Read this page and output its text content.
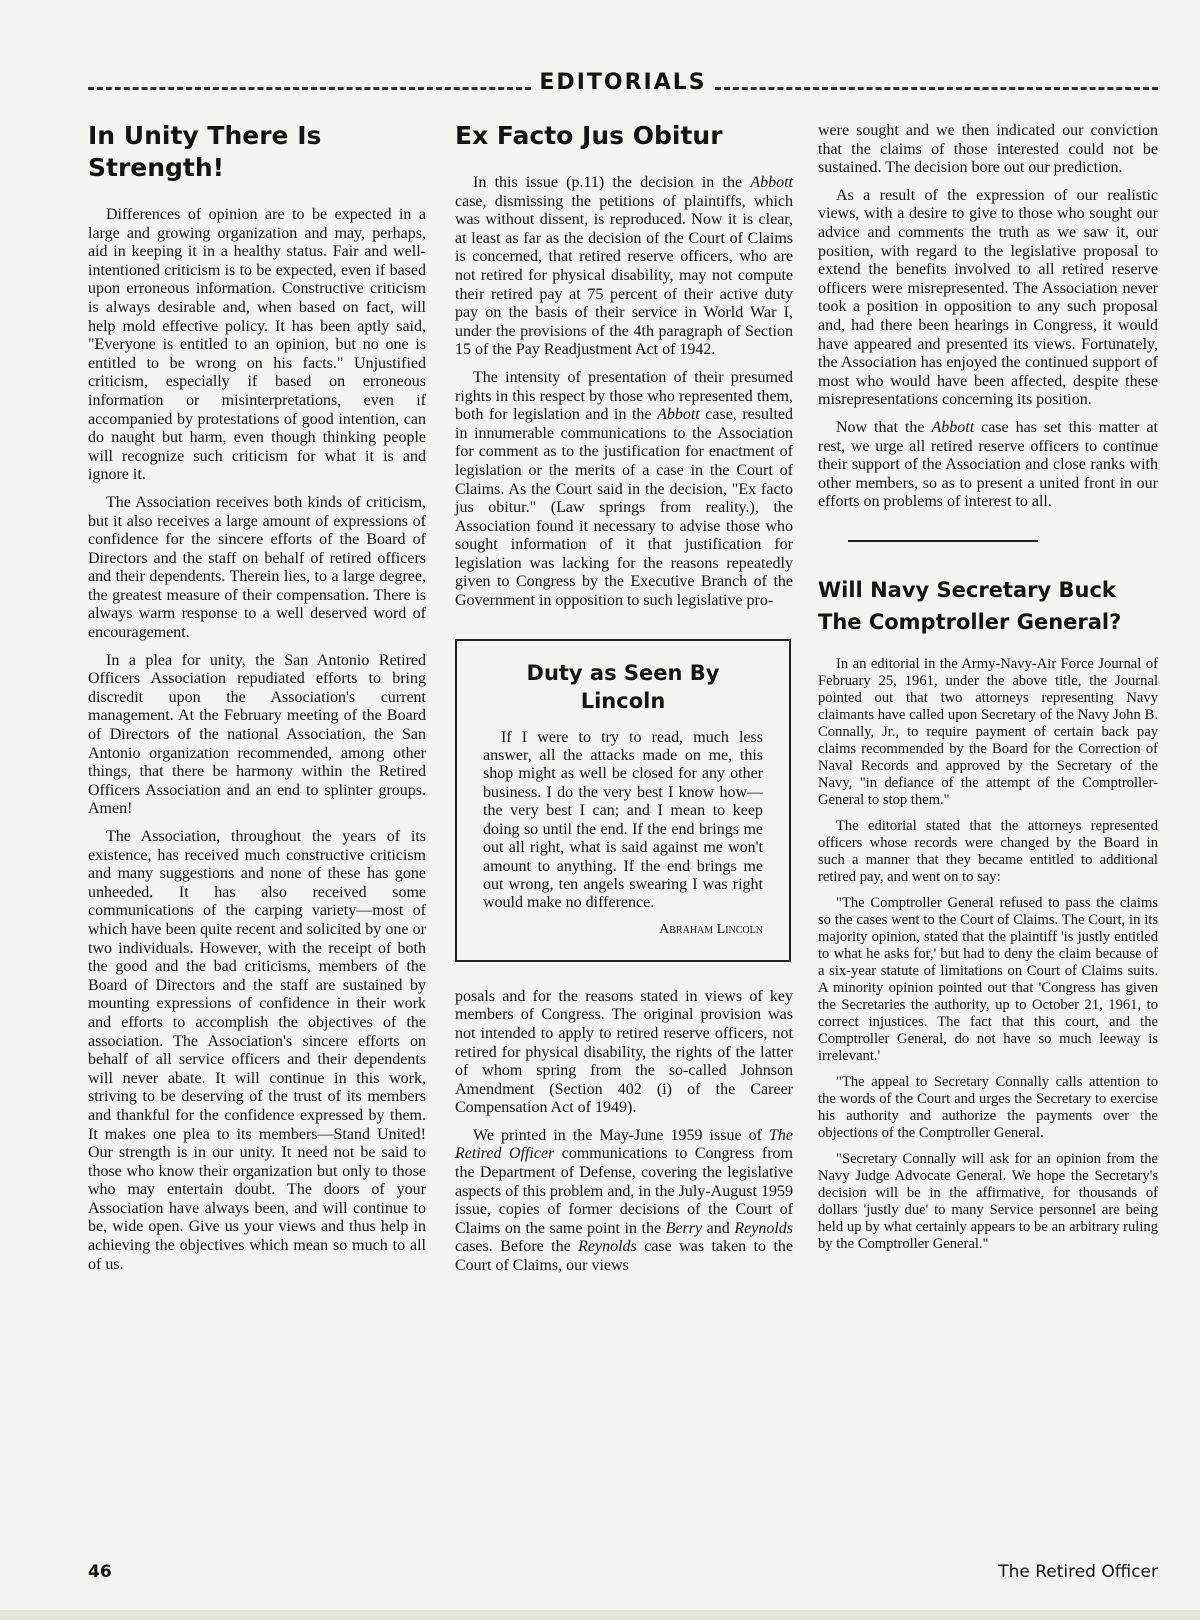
EDITORIALS
In Unity There Is Strength!

Differences of opinion are to be expected in a large and growing organization and may, perhaps, aid in keeping it in a healthy status. Fair and well-intentioned criticism is to be expected, even if based upon erroneous information. Constructive criticism is always desirable and, when based on fact, will help mold effective policy. It has been aptly said, "Everyone is entitled to an opinion, but no one is entitled to be wrong on his facts." Unjustified criticism, especially if based on erroneous information or misinterpretations, even if accompanied by protestations of good intention, can do naught but harm, even though thinking people will recognize such criticism for what it is and ignore it.

The Association receives both kinds of criticism, but it also receives a large amount of expressions of confidence for the sincere efforts of the Board of Directors and the staff on behalf of retired officers and their dependents. Therein lies, to a large degree, the greatest measure of their compensation. There is always warm response to a well deserved word of encouragement.

In a plea for unity, the San Antonio Retired Officers Association repudiated efforts to bring discredit upon the Association's current management. At the February meeting of the Board of Directors of the national Association, the San Antonio organization recommended, among other things, that there be harmony within the Retired Officers Association and an end to splinter groups. Amen!

The Association, throughout the years of its existence, has received much constructive criticism and many suggestions and none of these has gone unheeded. It has also received some communications of the carping variety—most of which have been quite recent and solicited by one or two individuals. However, with the receipt of both the good and the bad criticisms, members of the Board of Directors and the staff are sustained by mounting expressions of confidence in their work and efforts to accomplish the objectives of the association. The Association's sincere efforts on behalf of all service officers and their dependents will never abate. It will continue in this work, striving to be deserving of the trust of its members and thankful for the confidence expressed by them. It makes one plea to its members—Stand United! Our strength is in our unity. It need not be said to those who know their organization but only to those who may entertain doubt. The doors of your Association have always been, and will continue to be, wide open. Give us your views and thus help in achieving the objectives which mean so much to all of us.

Ex Facto Jus Obitur

In this issue (p.11) the decision in the Abbott case, dismissing the petitions of plaintiffs, which was without dissent, is reproduced. Now it is clear, at least as far as the decision of the Court of Claims is concerned, that retired reserve officers, who are not retired for physical disability, may not compute their retired pay at 75 percent of their active duty pay on the basis of their service in World War I, under the provisions of the 4th paragraph of Section 15 of the Pay Readjustment Act of 1942.

The intensity of presentation of their presumed rights in this respect by those who represented them, both for legislation and in the Abbott case, resulted in innumerable communications to the Association for comment as to the justification for enactment of legislation or the merits of a case in the Court of Claims. As the Court said in the decision, "Ex facto jus obitur." (Law springs from reality.), the Association found it necessary to advise those who sought information of it that justification for legislation was lacking for the reasons repeatedly given to Congress by the Executive Branch of the Government in opposition to such legislative pro-

Duty as Seen By Lincoln

If I were to try to read, much less answer, all the attacks made on me, this shop might as well be closed for any other business. I do the very best I know how—the very best I can; and I mean to keep doing so until the end. If the end brings me out all right, what is said against me won't amount to anything. If the end brings me out wrong, ten angels swearing I was right would make no difference.

Abraham Lincoln

posals and for the reasons stated in views of key members of Congress. The original provision was not intended to apply to retired reserve officers, not retired for physical disability, the rights of the latter of whom spring from the so-called Johnson Amendment (Section 402 (i) of the Career Compensation Act of 1949).

We printed in the May-June 1959 issue of The Retired Officer communications to Congress from the Department of Defense, covering the legislative aspects of this problem and, in the July-August 1959 issue, copies of former decisions of the Court of Claims on the same point in the Berry and Reynolds cases. Before the Reynolds case was taken to the Court of Claims, our views

were sought and we then indicated our conviction that the claims of those interested could not be sustained. The decision bore out our prediction.

As a result of the expression of our realistic views, with a desire to give to those who sought our advice and comments the truth as we saw it, our position, with regard to the legislative proposal to extend the benefits involved to all retired reserve officers were misrepresented. The Association never took a position in opposition to any such proposal and, had there been hearings in Congress, it would have appeared and presented its views. Fortunately, the Association has enjoyed the continued support of most who would have been affected, despite these misrepresentations concerning its position.

Now that the Abbott case has set this matter at rest, we urge all retired reserve officers to continue their support of the Association and close ranks with other members, so as to present a united front in our efforts on problems of interest to all.

Will Navy Secretary Buck The Comptroller General?

In an editorial in the Army-Navy-Air Force Journal of February 25, 1961, under the above title, the Journal pointed out that two attorneys representing Navy claimants have called upon Secretary of the Navy John B. Connally, Jr., to require payment of certain back pay claims recommended by the Board for the Correction of Naval Records and approved by the Secretary of the Navy, "in defiance of the attempt of the Comptroller-General to stop them."

The editorial stated that the attorneys represented officers whose records were changed by the Board in such a manner that they became entitled to additional retired pay, and went on to say:

"The Comptroller General refused to pass the claims so the cases went to the Court of Claims. The Court, in its majority opinion, stated that the plaintiff 'is justly entitled to what he asks for,' but had to deny the claim because of a six-year statute of limitations on Court of Claims suits. A minority opinion pointed out that 'Congress has given the Secretaries the authority, up to October 21, 1961, to correct injustices. The fact that this court, and the Comptroller General, do not have so much leeway is irrelevant.'

"The appeal to Secretary Connally calls attention to the words of the Court and urges the Secretary to exercise his authority and authorize the payments over the objections of the Comptroller General.

"Secretary Connally will ask for an opinion from the Navy Judge Advocate General. We hope the Secretary's decision will be in the affirmative, for thousands of dollars 'justly due' to many Service personnel are being held up by what certainly appears to be an arbitrary ruling by the Comptroller General."

46	The Retired Officer
